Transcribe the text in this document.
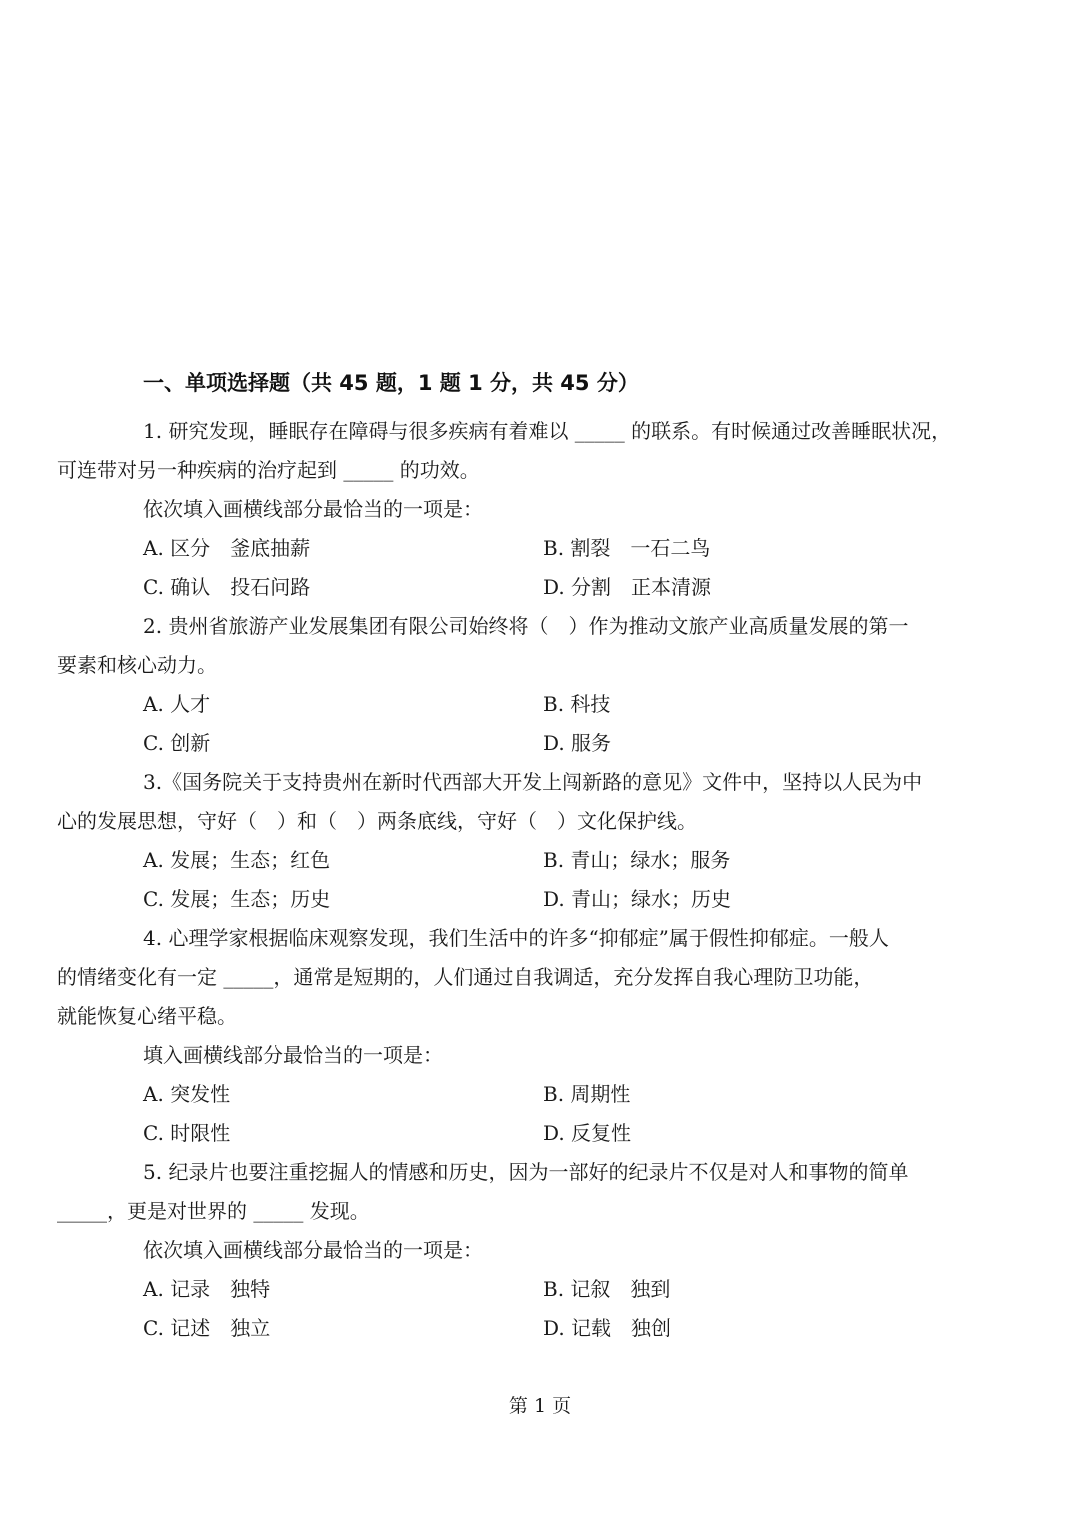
一、单项选择题（共 45 题，1 题 1 分，共 45 分）

1. 研究发现，睡眠存在障碍与很多疾病有着难以 _____ 的联系。有时候通过改善睡眠状况，
可连带对另一种疾病的治疗起到 _____ 的功效。

依次填入画横线部分最恰当的一项是：

A. 区分　釜底抽薪	B. 割裂　一石二鸟
C. 确认　投石问路	D. 分割　正本清源

2. 贵州省旅游产业发展集团有限公司始终将（　）作为推动文旅产业高质量发展的第一
要素和核心动力。

A. 人才	B. 科技
C. 创新	D. 服务

3.《国务院关于支持贵州在新时代西部大开发上闯新路的意见》文件中，坚持以人民为中
心的发展思想，守好（　）和（　）两条底线，守好（　）文化保护线。

A. 发展；生态；红色	B. 青山；绿水；服务
C. 发展；生态；历史	D. 青山；绿水；历史

4. 心理学家根据临床观察发现，我们生活中的许多“抑郁症”属于假性抑郁症。一般人
的情绪变化有一定 _____，通常是短期的，人们通过自我调适，充分发挥自我心理防卫功能，
就能恢复心绪平稳。

填入画横线部分最恰当的一项是：

A. 突发性	B. 周期性
C. 时限性	D. 反复性

5. 纪录片也要注重挖掘人的情感和历史，因为一部好的纪录片不仅是对人和事物的简单
_____，更是对世界的 _____ 发现。

依次填入画横线部分最恰当的一项是：

A. 记录　独特	B. 记叙　独到
C. 记述　独立	D. 记载　独创
第 1 页
